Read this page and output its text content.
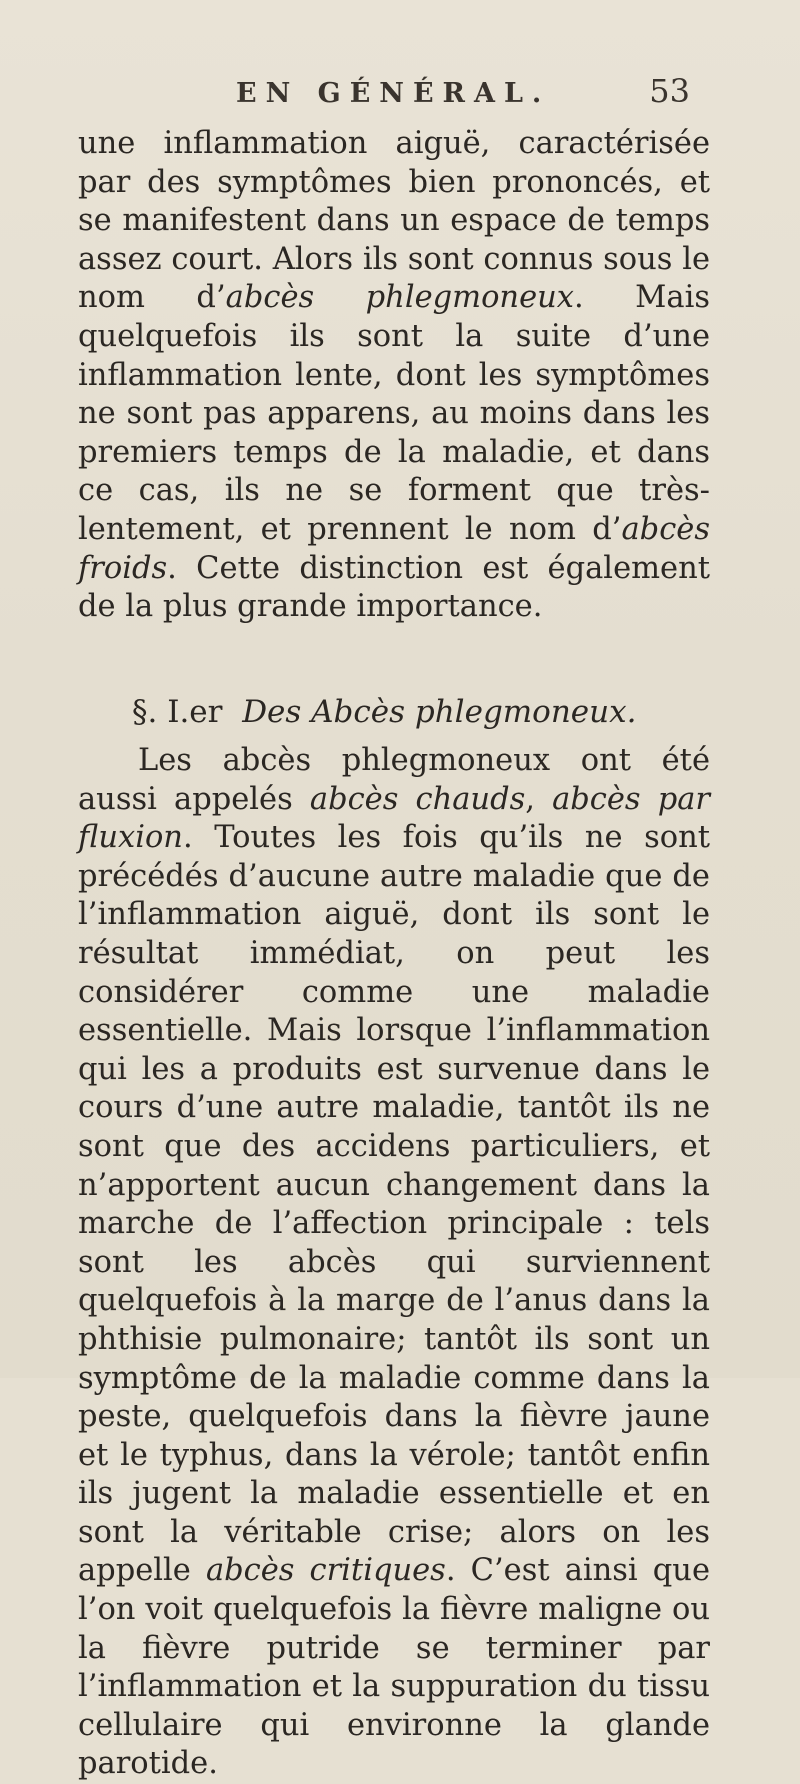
EN GÉNÉRAL.	53

une inflammation aiguë, caractérisée par des symptômes bien prononcés, et se manifestent dans un espace de temps assez court. Alors ils sont connus sous le nom d’abcès phlegmoneux. Mais quelquefois ils sont la suite d’une inflammation lente, dont les symptômes ne sont pas apparens, au moins dans les premiers temps de la maladie, et dans ce cas, ils ne se forment que très-lentement, et prennent le nom d’abcès froids. Cette distinction est également de la plus grande importance.

§. I.er Des Abcès phlegmoneux.

Les abcès phlegmoneux ont été aussi appelés abcès chauds, abcès par fluxion. Toutes les fois qu’ils ne sont précédés d’aucune autre maladie que de l’inflammation aiguë, dont ils sont le résultat immédiat, on peut les considérer comme une maladie essentielle. Mais lorsque l’inflammation qui les a produits est survenue dans le cours d’une autre maladie, tantôt ils ne sont que des accidens particuliers, et n’apportent aucun changement dans la marche de l’affection principale : tels sont les abcès qui surviennent quelquefois à la marge de l’anus dans la phthisie pulmonaire; tantôt ils sont un symptôme de la maladie comme dans la peste, quelquefois dans la fièvre jaune et le typhus, dans la vérole; tantôt enfin ils jugent la maladie essentielle et en sont la véritable crise; alors on les appelle abcès critiques. C’est ainsi que l’on voit quelquefois la fièvre maligne ou la fièvre putride se terminer par l’inflammation et la suppuration du tissu cellulaire qui environne la glande parotide.
